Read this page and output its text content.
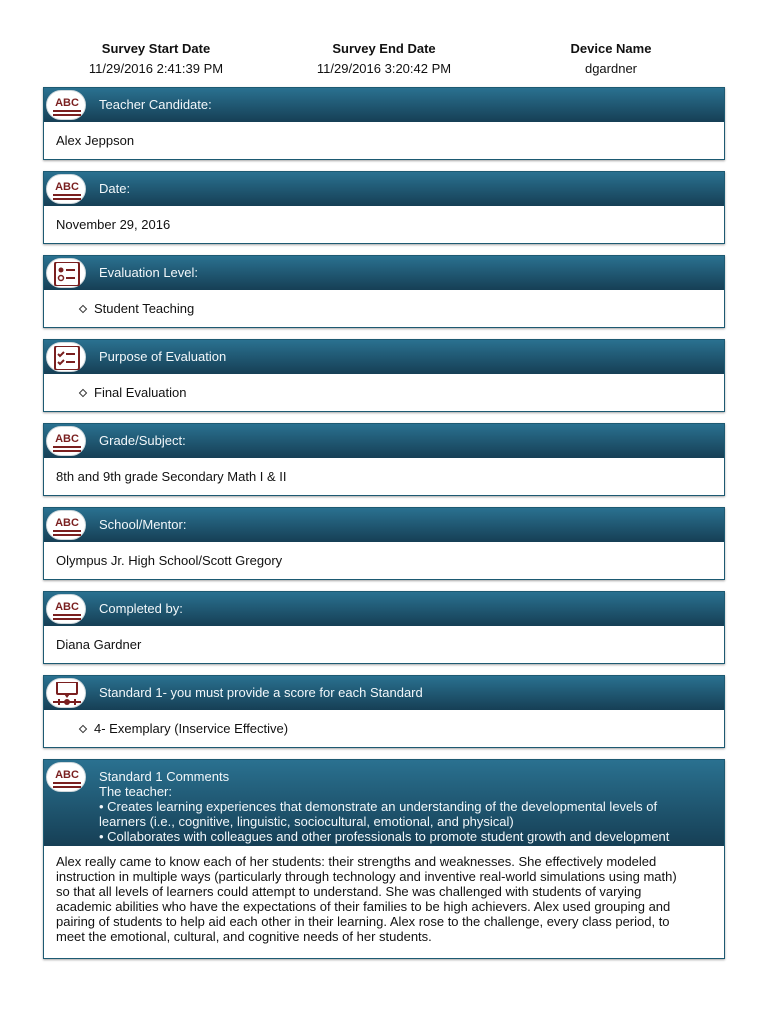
Survey Start Date
11/29/2016 2:41:39 PM
Survey End Date
11/29/2016 3:20:42 PM
Device Name
dgardner
ABC Teacher Candidate:
Alex Jeppson
ABC Date:
November 29, 2016
Evaluation Level:
Student Teaching
Purpose of Evaluation
Final Evaluation
ABC Grade/Subject:
8th and 9th grade Secondary Math I & II
ABC School/Mentor:
Olympus Jr. High School/Scott Gregory
ABC Completed by:
Diana Gardner
Standard 1- you must provide a score for each Standard
4- Exemplary (Inservice Effective)
ABC Standard 1 Comments
The teacher:
• Creates learning experiences that demonstrate an understanding of the developmental levels of
learners (i.e., cognitive, linguistic, sociocultural, emotional, and physical)
• Collaborates with colleagues and other professionals to promote student growth and development
Alex really came to know each of her students: their strengths and weaknesses. She effectively modeled
instruction in multiple ways (particularly through technology and inventive real-world simulations using math)
so that all levels of learners could attempt to understand. She was challenged with students of varying
academic abilities who have the expectations of their families to be high achievers. Alex used grouping and
pairing of students to help aid each other in their learning. Alex rose to the challenge, every class period, to
meet the emotional, cultural, and cognitive needs of her students.
